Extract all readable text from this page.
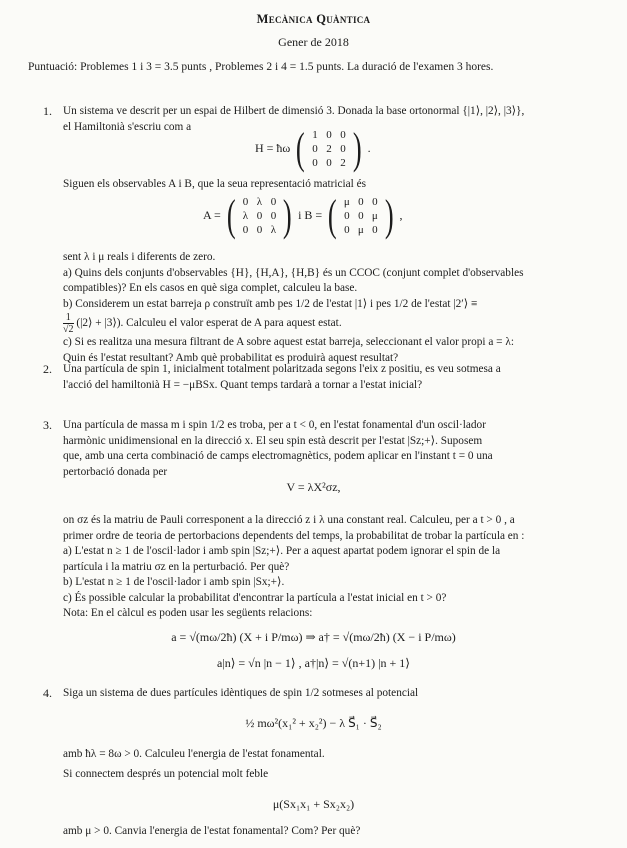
Mecànica Quàntica
Gener de 2018
Puntuació: Problemes 1 i 3 = 3.5 punts , Problemes 2 i 4 = 1.5 punts. La duració de l'examen 3 hores.
1. Un sistema ve descrit per un espai de Hilbert de dimensió 3. Donada la base ortonormal {|1⟩, |2⟩, |3⟩},
el Hamiltonià s'escriu com a
H = ħω ( 1 0 0
0 2 0
0 0 2 ) .
Siguen els observables A i B, que la seua representació matricial és
A = ( 0 λ 0
λ 0 0
0 0 λ ) i B = ( μ 0 0
0 0 μ
0 μ 0 ) ,
sent λ i μ reals i diferents de zero.
a) Quins dels conjunts d'observables {H}, {H,A}, {H,B} és un CCOC (conjunt complet d'observables
compatibles)? En els casos en què siga complet, calculeu la base.
b) Considerem un estat barreja ρ construït amb pes 1/2 de l'estat |1⟩ i pes 1/2 de l'estat |2′⟩ ≡
$\frac{1}{√2}$ (|2⟩ + |3⟩). Calculeu el valor esperat de A para aquest estat.
c) Si es realitza una mesura filtrant de A sobre aquest estat barreja, seleccionant el valor propi a = λ:
Quin és l'estat resultant? Amb què probabilitat es produirà aquest resultat?
2. Una partícula de spin 1, inicialment totalment polaritzada segons l'eix z positiu, es veu sotmesa a
l'acció del hamiltonià H = −μBSx. Quant temps tardarà a tornar a l'estat inicial?
3. Una partícula de massa m i spin 1/2 es troba, per a t < 0, en l'estat fonamental d'un oscil·lador
harmònic unidimensional en la direcció x. El seu spin està descrit per l'estat |Sz;+⟩. Suposem
que, amb una certa combinació de camps electromagnètics, podem aplicar en l'instant t = 0 una
pertorbació donada per
V = λX²σz,
on σz és la matriu de Pauli corresponent a la direcció z i λ una constant real. Calculeu, per a t > 0 , a
primer ordre de teoria de pertorbacions dependents del temps, la probabilitat de trobar la partícula en :
a) L'estat n ≥ 1 de l'oscil·lador i amb spin |Sz;+⟩. Per a aquest apartat podem ignorar el spin de la
partícula i la matriu σz en la perturbació. Per què?
b) L'estat n ≥ 1 de l'oscil·lador i amb spin |Sx;+⟩.
c) És possible calcular la probabilitat d'encontrar la partícula a l'estat inicial en t > 0?
Nota: En el càlcul es poden usar les següents relacions:
a = √(mω/2ħ) (X + i P/mω) ⇒ a† = √(mω/2ħ) (X − i P/mω)
a|n⟩ = √n |n − 1⟩ , a†|n⟩ = √(n+1) |n + 1⟩
4. Siga un sistema de dues partícules idèntiques de spin 1/2 sotmeses al potencial
½ mω²(x₁² + x₂²) − λ S⃗₁ · S⃗₂
amb ħλ = 8ω > 0. Calculeu l'energia de l'estat fonamental.
Si connectem després un potencial molt feble
μ(Sx₁x₁ + Sx₂x₂)
amb μ > 0. Canvia l'energia de l'estat fonamental? Com? Per què?
